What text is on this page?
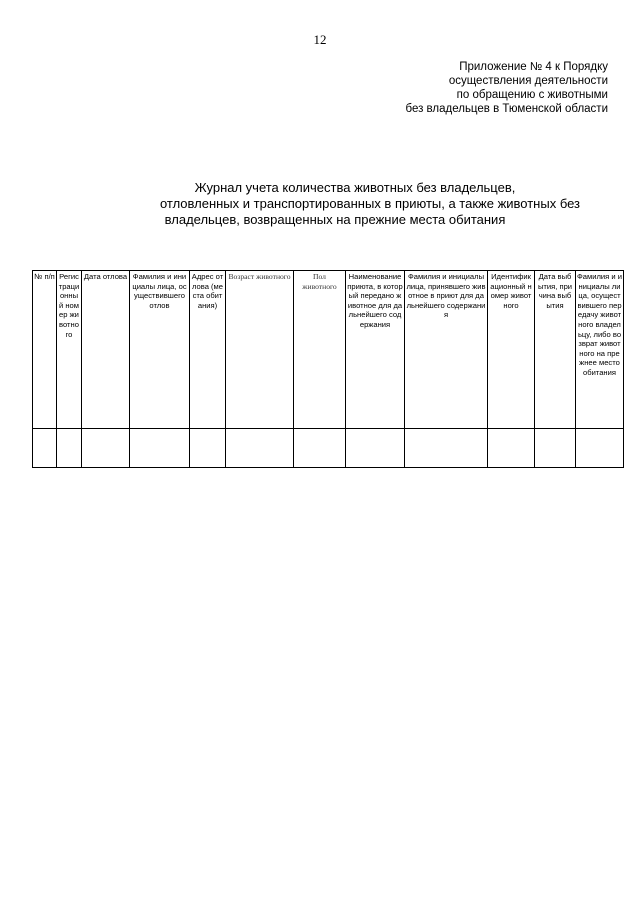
12
Приложение № 4 к Порядку
осуществления деятельности
по обращению с животными
без владельцев в Тюменской области
Журнал учета количества животных без владельцев,
отловленных и транспортированных в приюты, а также животных без
владельцев, возвращенных на прежние места обитания
№ п/п	Регистрационный номер животного	Дата отлова	Фамилия и инициалы лица, осуществившего отлов	Адрес отлова (места обитания)	Возраст животного	Пол животного	Наименование приюта, в который передано животное для дальнейшего содержания	Фамилия и инициалы лица, принявшего животное в приют для дальнейшего содержания	Идентификационный номер животного	Дата выбытия, причина выбытия	Фамилия и инициалы лица, осуществившего передачу животного владельцу, либо возврат животного на прежнее место обитания
